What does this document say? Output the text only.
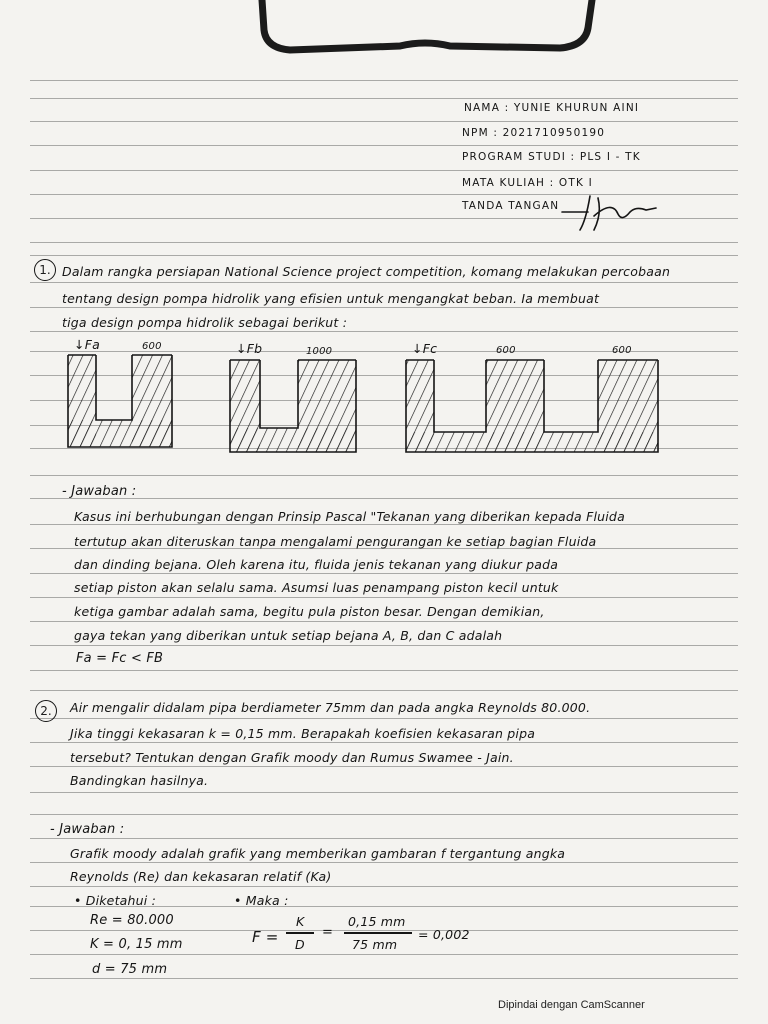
NAMA : YUNIE KHURUN AINI
NPM : 2021710950190
PROGRAM STUDI : PLS I - TK
MATA KULIAH : OTK I
TANDA TANGAN
1. Dalam rangka persiapan National Science project competition, komang melakukan percobaan
tentang design pompa hidrolik yang efisien untuk mengangkat beban. Ia membuat
tiga design pompa hidrolik sebagai berikut :
↓Fa	600	↓Fb	1000	↓Fc	600	600
- Jawaban :
Kasus ini berhubungan dengan Prinsip Pascal "Tekanan yang diberikan kepada Fluida
tertutup akan diteruskan tanpa mengalami pengurangan ke setiap bagian Fluida
dan dinding bejana. Oleh karena itu, fluida jenis tekanan yang diukur pada
setiap piston akan selalu sama. Asumsi luas penampang piston kecil untuk
ketiga gambar adalah sama, begitu pula piston besar. Dengan demikian,
gaya tekan yang diberikan untuk setiap bejana A, B, dan C adalah
Fa = Fc < FB
2.	Air mengalir didalam pipa berdiameter 75mm dan pada angka Reynolds 80.000.
Jika tinggi kekasaran k = 0,15 mm. Berapakah koefisien kekasaran pipa
tersebut? Tentukan dengan Grafik moody dan Rumus Swamee - Jain.
Bandingkan hasilnya.
- Jawaban :
Grafik moody adalah grafik yang memberikan gambaran f tergantung angka
Reynolds (Re) dan kekasaran relatif (Ka)
• Diketahui :	• Maka :
Re = 80.000
K = 0, 15 mm
d = 75 mm
F =
K
D
=
0,15 mm
75 mm
= 0,002
Dipindai dengan CamScanner
